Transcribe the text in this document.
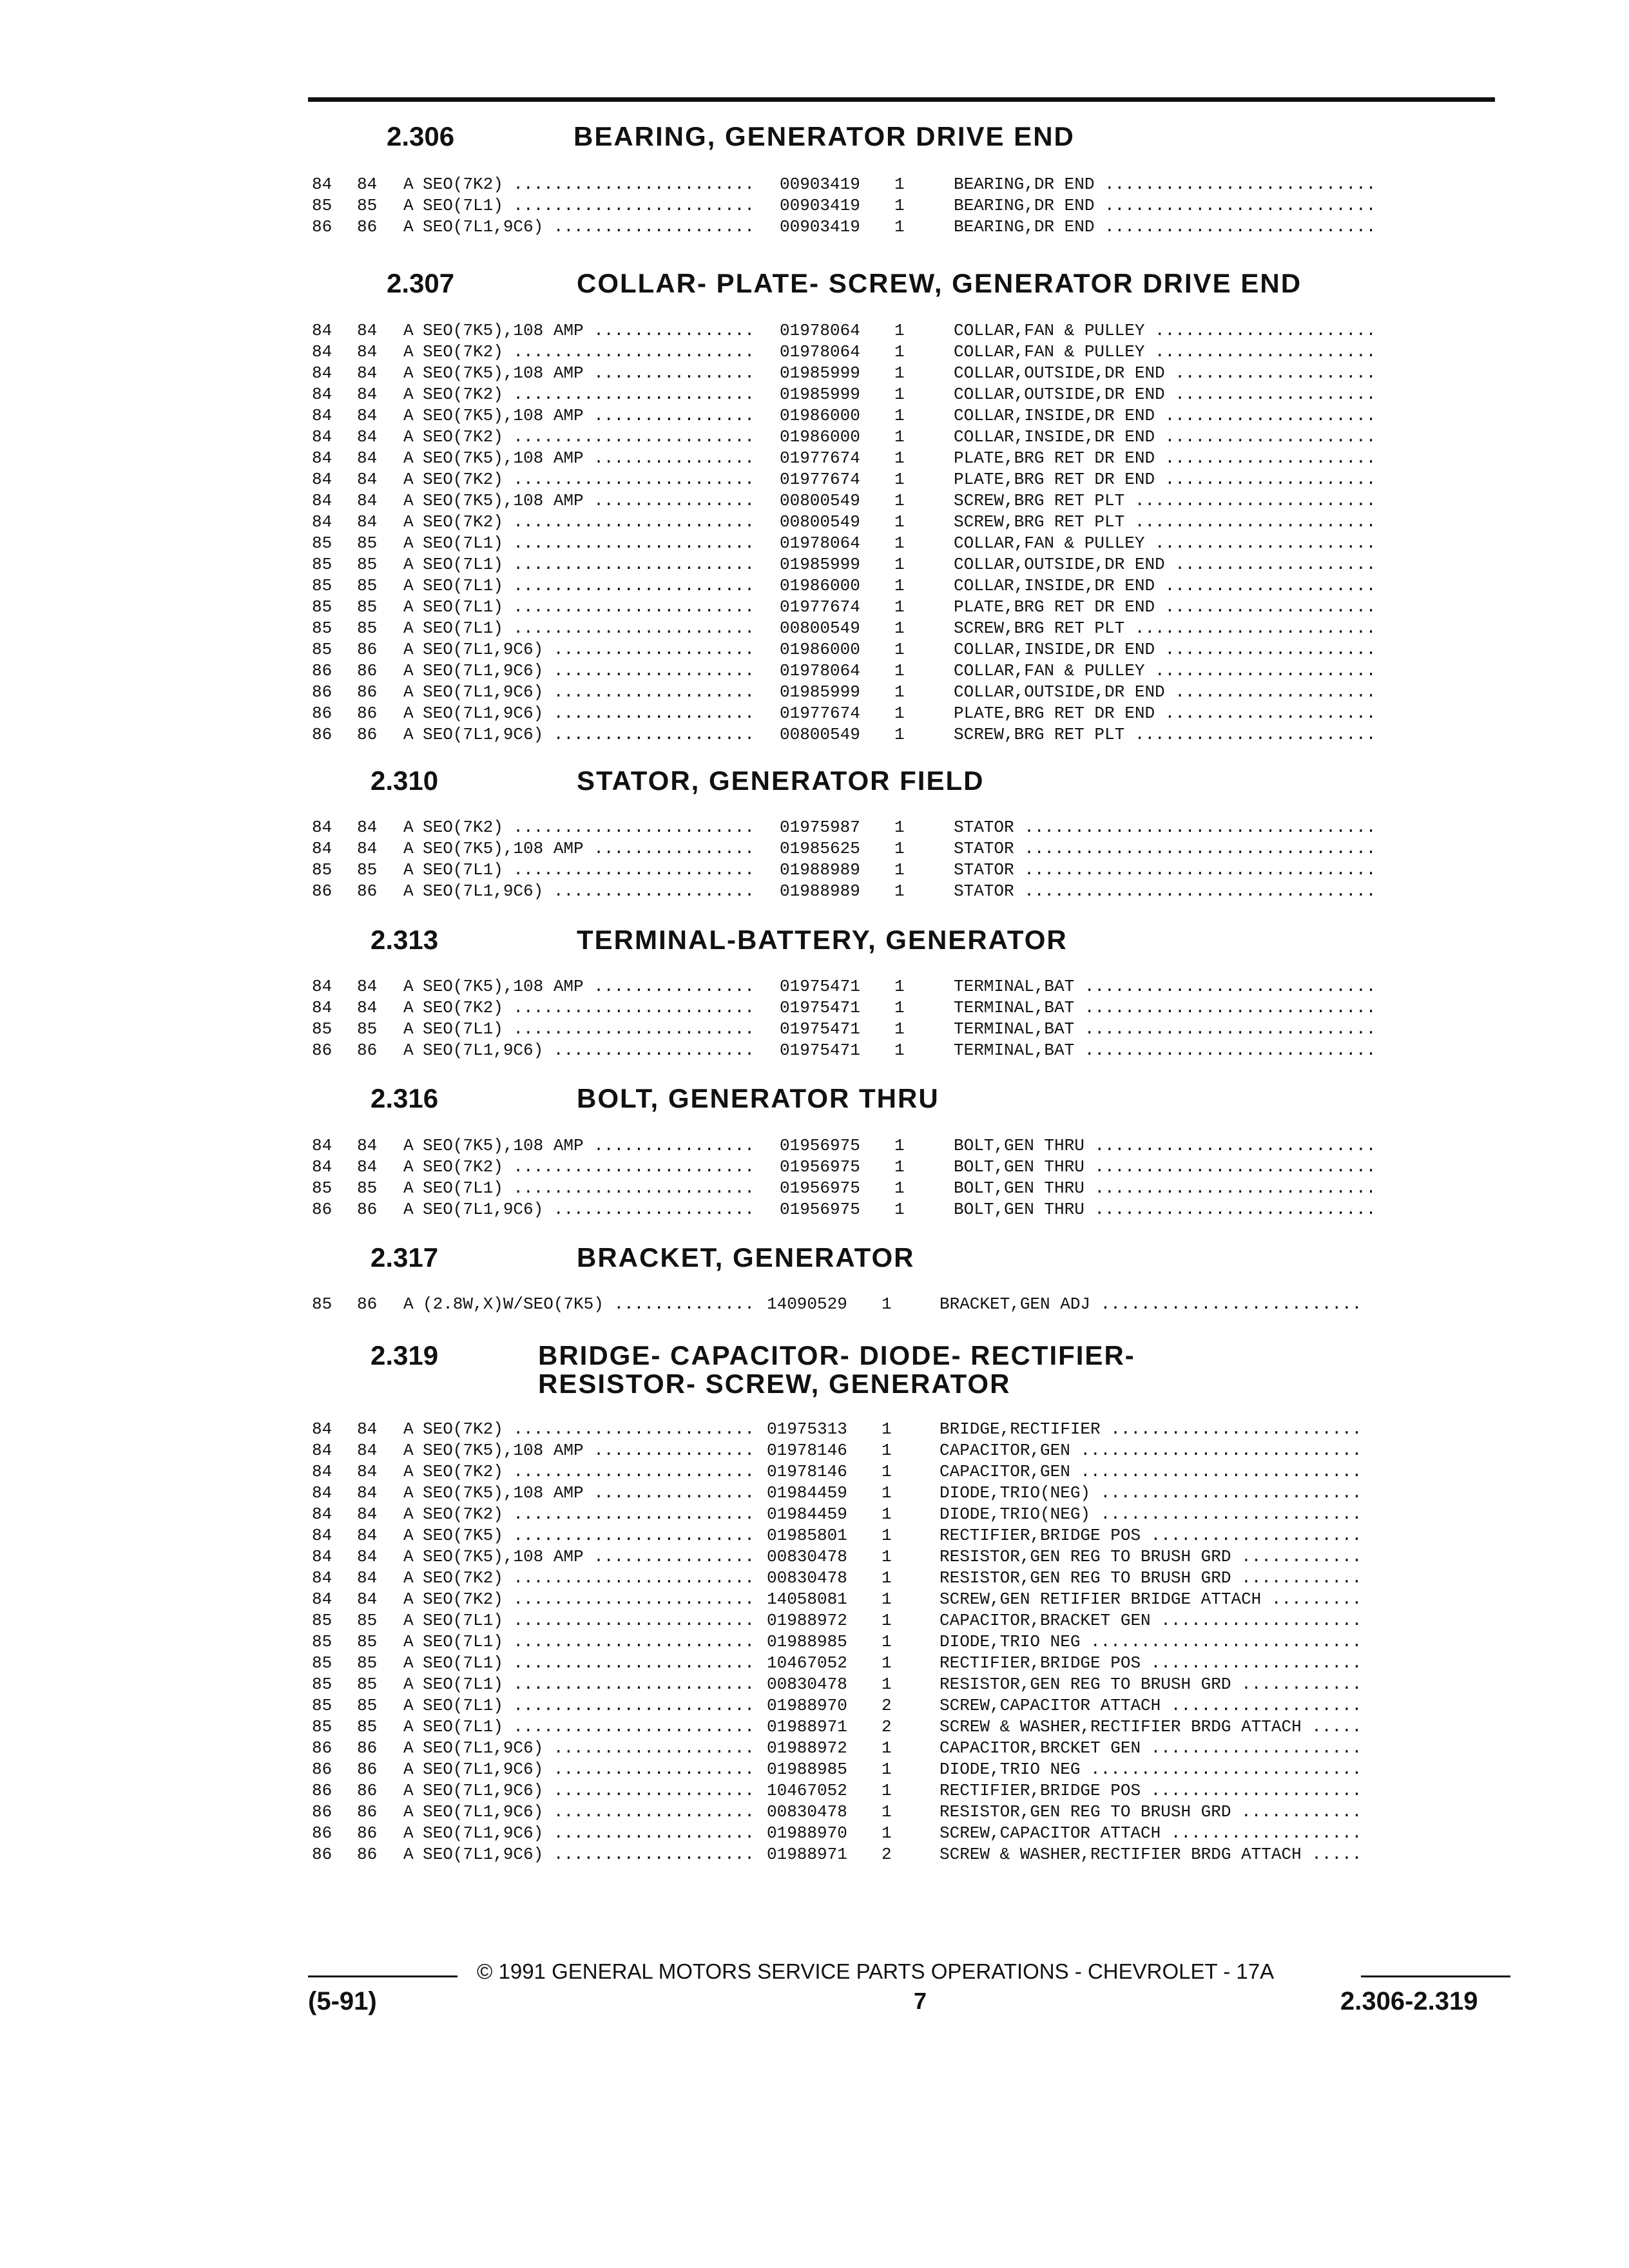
2.306	BEARING, GENERATOR DRIVE END
84 84 A SEO(7K2) .....	00903419 1	BEARING,DR END .....
85 85 A SEO(7L1) .....	00903419 1	BEARING,DR END .....
86 86 A SEO(7L1,9C6) .....	00903419 1	BEARING,DR END .....
2.307	COLLAR- PLATE- SCREW, GENERATOR DRIVE END
84 84 A SEO(7K5),108 AMP .....	01978064 1	COLLAR,FAN & PULLEY .....
84 84 A SEO(7K2) .....	01978064 1	COLLAR,FAN & PULLEY .....
84 84 A SEO(7K5),108 AMP .....	01985999 1	COLLAR,OUTSIDE,DR END .....
84 84 A SEO(7K2) .....	01985999 1	COLLAR,OUTSIDE,DR END .....
84 84 A SEO(7K5),108 AMP .....	01986000 1	COLLAR,INSIDE,DR END .....
84 84 A SEO(7K2) .....	01986000 1	COLLAR,INSIDE,DR END .....
84 84 A SEO(7K5),108 AMP .....	01977674 1	PLATE,BRG RET DR END .....
84 84 A SEO(7K2) .....	01977674 1	PLATE,BRG RET DR END .....
84 84 A SEO(7K5),108 AMP .....	00800549 1	SCREW,BRG RET PLT .....
84 84 A SEO(7K2) .....	00800549 1	SCREW,BRG RET PLT .....
85 85 A SEO(7L1) .....	01978064 1	COLLAR,FAN & PULLEY .....
85 85 A SEO(7L1) .....	01985999 1	COLLAR,OUTSIDE,DR END .....
85 85 A SEO(7L1) .....	01986000 1	COLLAR,INSIDE,DR END .....
85 85 A SEO(7L1) .....	01977674 1	PLATE,BRG RET DR END .....
85 85 A SEO(7L1) .....	00800549 1	SCREW,BRG RET PLT .....
85 86 A SEO(7L1,9C6) .....	01986000 1	COLLAR,INSIDE,DR END .....
86 86 A SEO(7L1,9C6) .....	01978064 1	COLLAR,FAN & PULLEY .....
86 86 A SEO(7L1,9C6) .....	01985999 1	COLLAR,OUTSIDE,DR END .....
86 86 A SEO(7L1,9C6) .....	01977674 1	PLATE,BRG RET DR END .....
86 86 A SEO(7L1,9C6) .....	00800549 1	SCREW,BRG RET PLT .....
2.310	STATOR, GENERATOR FIELD
84 84 A SEO(7K2) .....	01975987 1	STATOR .....
84 84 A SEO(7K5),108 AMP .....	01985625 1	STATOR .....
85 85 A SEO(7L1) .....	01988989 1	STATOR .....
86 86 A SEO(7L1,9C6) .....	01988989 1	STATOR .....
2.313	TERMINAL-BATTERY, GENERATOR
84 84 A SEO(7K5),108 AMP .....	01975471 1	TERMINAL,BAT .....
84 84 A SEO(7K2) .....	01975471 1	TERMINAL,BAT .....
85 85 A SEO(7L1) .....	01975471 1	TERMINAL,BAT .....
86 86 A SEO(7L1,9C6) .....	01975471 1	TERMINAL,BAT .....
2.316	BOLT, GENERATOR THRU
84 84 A SEO(7K5),108 AMP .....	01956975 1	BOLT,GEN THRU .....
84 84 A SEO(7K2) .....	01956975 1	BOLT,GEN THRU .....
85 85 A SEO(7L1) .....	01956975 1	BOLT,GEN THRU .....
86 86 A SEO(7L1,9C6) .....	01956975 1	BOLT,GEN THRU .....
2.317	BRACKET, GENERATOR
85 86 A (2.8W,X)W/SEO(7K5) .....	14090529 1	BRACKET,GEN ADJ .....
2.319	BRIDGE- CAPACITOR- DIODE- RECTIFIER-
RESISTOR- SCREW, GENERATOR
84 84 A SEO(7K2) .....	01975313 1	BRIDGE,RECTIFIER .....
84 84 A SEO(7K5),108 AMP .....	01978146 1	CAPACITOR,GEN .....
84 84 A SEO(7K2) .....	01978146 1	CAPACITOR,GEN .....
84 84 A SEO(7K5),108 AMP .....	01984459 1	DIODE,TRIO(NEG) .....
84 84 A SEO(7K2) .....	01984459 1	DIODE,TRIO(NEG) .....
84 84 A SEO(7K5) .....	01985801 1	RECTIFIER,BRIDGE POS .....
84 84 A SEO(7K5),108 AMP .....	00830478 1	RESISTOR,GEN REG TO BRUSH GRD .....
84 84 A SEO(7K2) .....	00830478 1	RESISTOR,GEN REG TO BRUSH GRD .....
84 84 A SEO(7K2) .....	14058081 1	SCREW,GEN RETIFIER BRIDGE ATTACH .....
85 85 A SEO(7L1) .....	01988972 1	CAPACITOR,BRACKET GEN .....
85 85 A SEO(7L1) .....	01988985 1	DIODE,TRIO NEG .....
85 85 A SEO(7L1) .....	10467052 1	RECTIFIER,BRIDGE POS .....
85 85 A SEO(7L1) .....	00830478 1	RESISTOR,GEN REG TO BRUSH GRD .....
85 85 A SEO(7L1) .....	01988970 2	SCREW,CAPACITOR ATTACH .....
85 85 A SEO(7L1) .....	01988971 2	SCREW & WASHER,RECTIFIER BRDG ATTACH .....
86 86 A SEO(7L1,9C6) .....	01988972 1	CAPACITOR,BRCKET GEN .....
86 86 A SEO(7L1,9C6) .....	01988985 1	DIODE,TRIO NEG .....
86 86 A SEO(7L1,9C6) .....	10467052 1	RECTIFIER,BRIDGE POS .....
86 86 A SEO(7L1,9C6) .....	00830478 1	RESISTOR,GEN REG TO BRUSH GRD .....
86 86 A SEO(7L1,9C6) .....	01988970 1	SCREW,CAPACITOR ATTACH .....
86 86 A SEO(7L1,9C6) .....	01988971 2	SCREW & WASHER,RECTIFIER BRDG ATTACH .....
© 1991 GENERAL MOTORS SERVICE PARTS OPERATIONS - CHEVROLET - 17A
(5-91)	7	2.306-2.319
